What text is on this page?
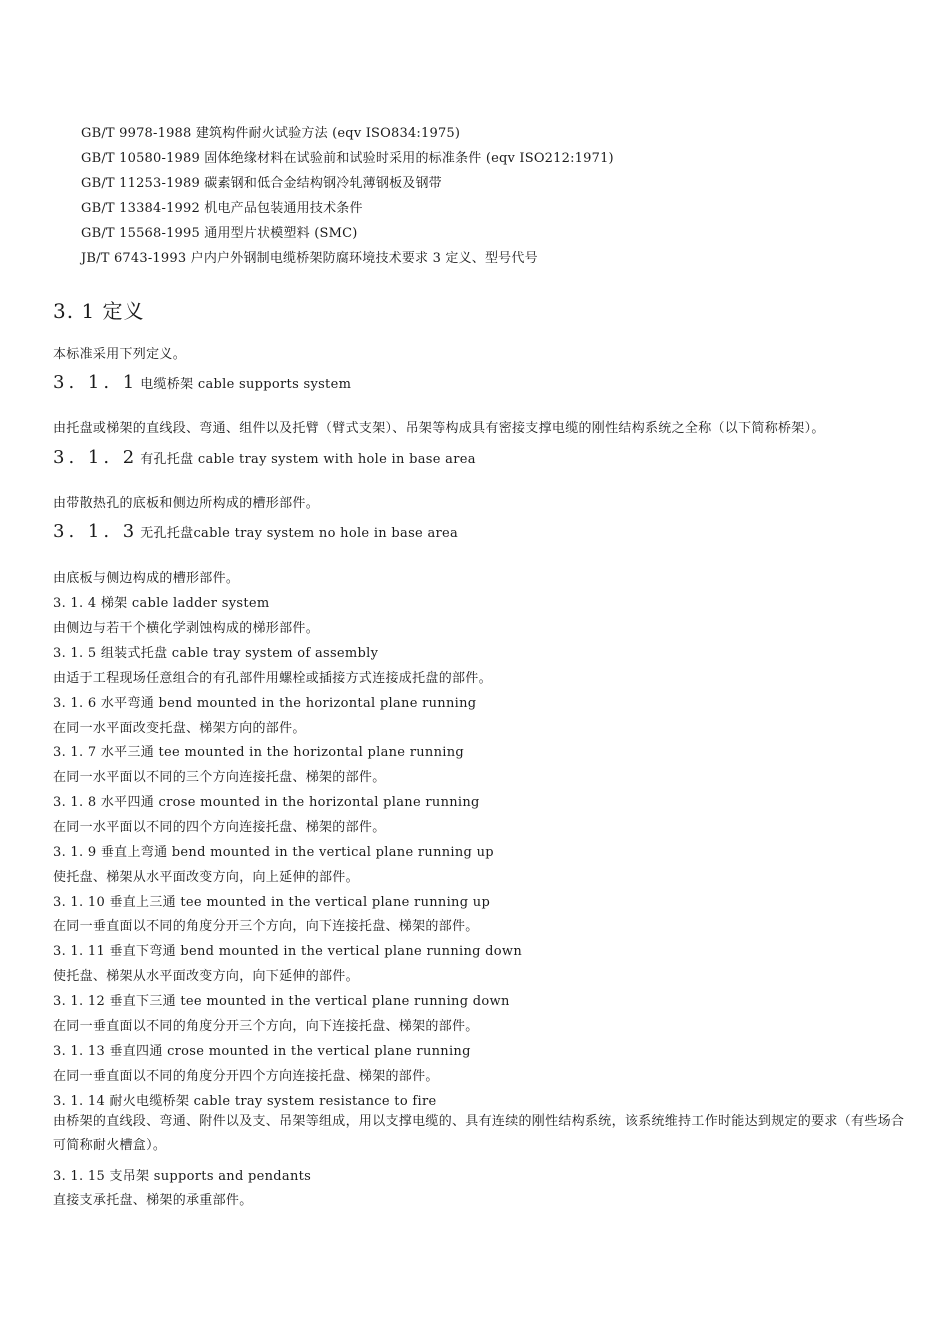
GB/T 9978-1988 建筑构件耐火试验方法 (eqv ISO834:1975)
GB/T 10580-1989 固体绝缘材料在试验前和试验时采用的标准条件 (eqv ISO212:1971)
GB/T 11253-1989 碳素钢和低合金结构钢冷轧薄钢板及钢带
GB/T 13384-1992 机电产品包装通用技术条件
GB/T 15568-1995 通用型片状模塑料 (SMC)
JB/T 6743-1993 户内户外钢制电缆桥架防腐环境技术要求 3 定义、型号代号
3. 1 定义
本标准采用下列定义。
3. 1. 1 电缆桥架 cable supports system
由托盘或梯架的直线段、弯通、组件以及托臂（臂式支架）、吊架等构成具有密接支撑电缆的刚性结构系统之全称（以下简称桥架）。
3. 1. 2 有孔托盘 cable tray system with hole in base area
由带散热孔的底板和侧边所构成的槽形部件。
3. 1. 3 无孔托盘cable tray system no hole in base area
由底板与侧边构成的槽形部件。
3. 1. 4 梯架 cable ladder system
由侧边与若干个横化学剥蚀构成的梯形部件。
3. 1. 5 组装式托盘 cable tray system of assembly
由适于工程现场任意组合的有孔部件用螺栓或插接方式连接成托盘的部件。
3. 1. 6 水平弯通 bend mounted in the horizontal plane running
在同一水平面改变托盘、梯架方向的部件。
3. 1. 7 水平三通 tee mounted in the horizontal plane running
在同一水平面以不同的三个方向连接托盘、梯架的部件。
3. 1. 8 水平四通 crose mounted in the horizontal plane running
在同一水平面以不同的四个方向连接托盘、梯架的部件。
3. 1. 9 垂直上弯通 bend mounted in the vertical plane running up
使托盘、梯架从水平面改变方向，向上延伸的部件。
3. 1. 10 垂直上三通 tee mounted in the vertical plane running up
在同一垂直面以不同的角度分开三个方向，向下连接托盘、梯架的部件。
3. 1. 11 垂直下弯通 bend mounted in the vertical plane running down
使托盘、梯架从水平面改变方向，向下延伸的部件。
3. 1. 12 垂直下三通 tee mounted in the vertical plane running down
在同一垂直面以不同的角度分开三个方向，向下连接托盘、梯架的部件。
3. 1. 13 垂直四通 crose mounted in the vertical plane running
在同一垂直面以不同的角度分开四个方向连接托盘、梯架的部件。
3. 1. 14 耐火电缆桥架 cable tray system resistance to fire
由桥架的直线段、弯通、附件以及支、吊架等组成，用以支撑电缆的、具有连续的刚性结构系统，该系统维持工作时能达到规定的要求（有些场合可简称耐火槽盒）。
3. 1. 15 支吊架 supports and pendants
直接支承托盘、梯架的承重部件。
